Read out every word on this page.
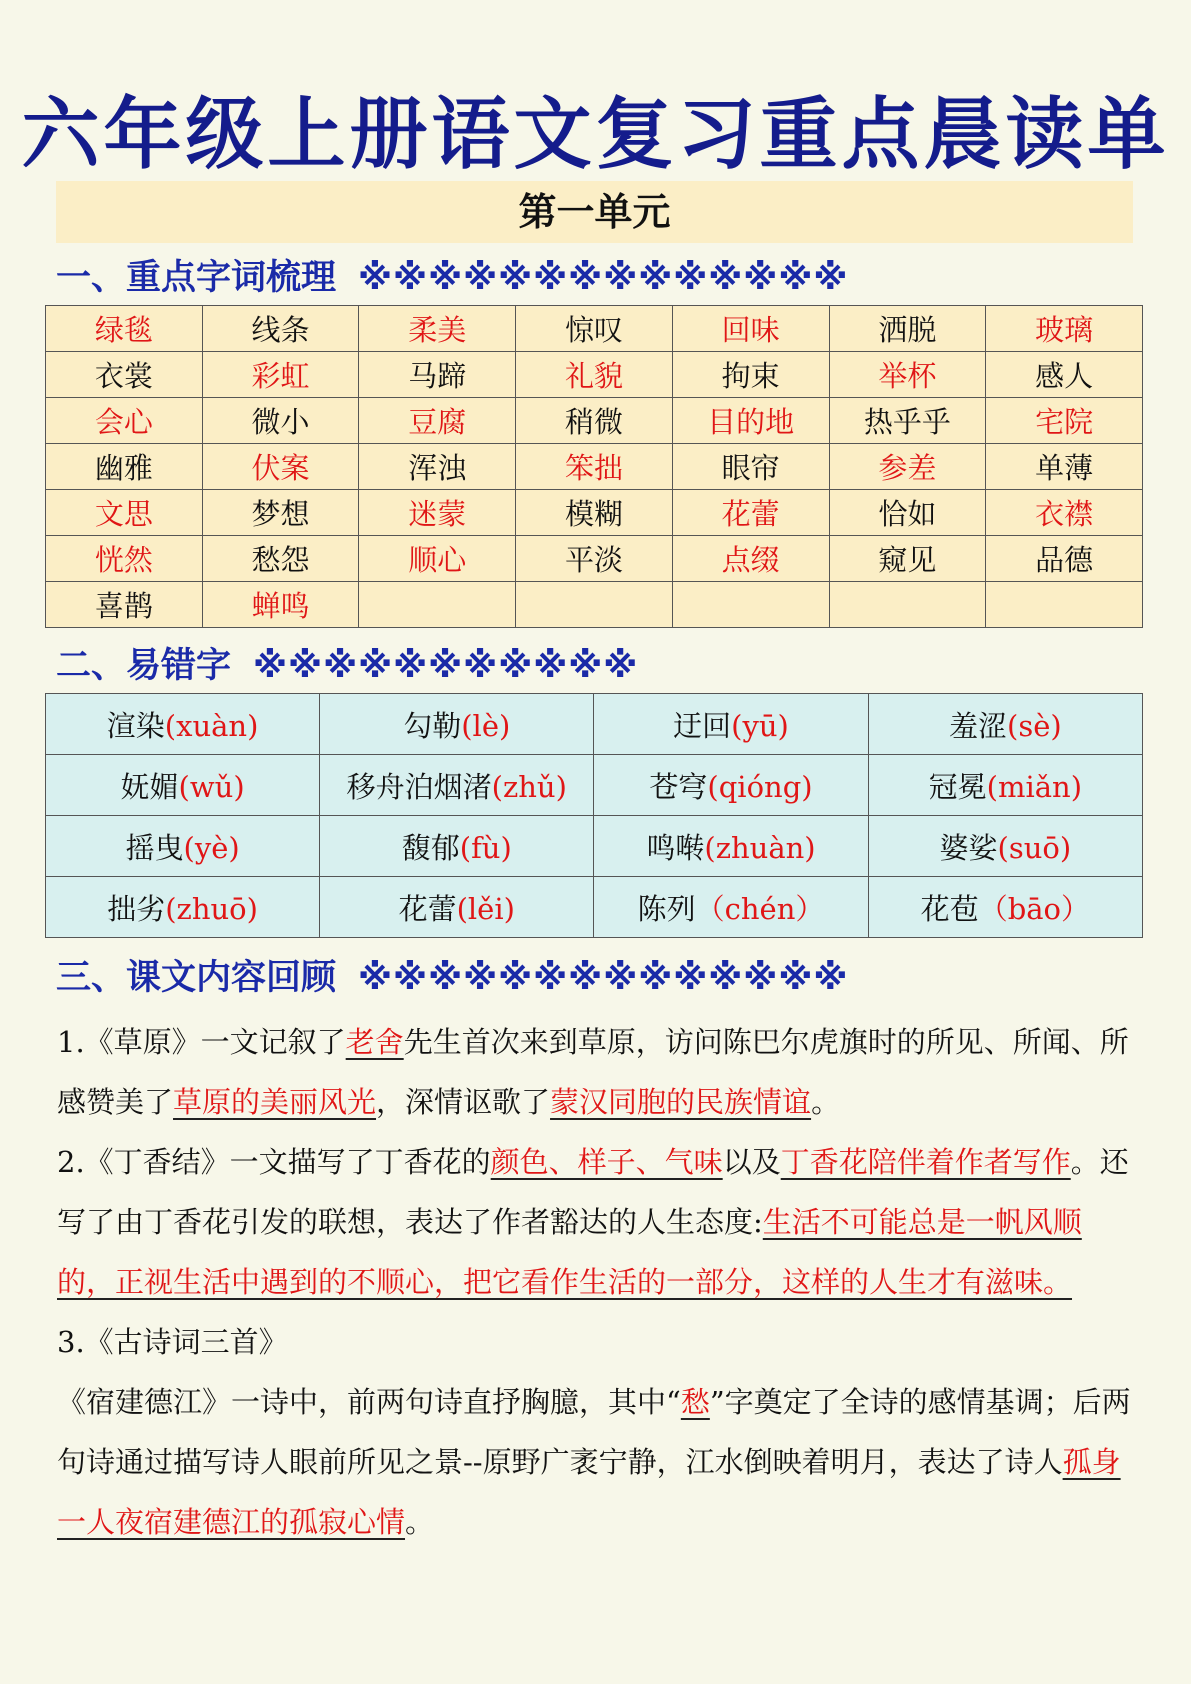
六年级上册语文复习重点晨读单
第一单元
一、重点字词梳理 ※※※※※※※※※※※※※※
绿毯	线条	柔美	惊叹	回味	洒脱	玻璃
衣裳	彩虹	马蹄	礼貌	拘束	举杯	感人
会心	微小	豆腐	稍微	目的地	热乎乎	宅院
幽雅	伏案	浑浊	笨拙	眼帘	参差	单薄
文思	梦想	迷蒙	模糊	花蕾	恰如	衣襟
恍然	愁怨	顺心	平淡	点缀	窥见	品德
喜鹊	蝉鸣					
二、易错字 ※※※※※※※※※※※
渲染(xuàn)	勾勒(lè)	迂回(yū)	羞涩(sè)
妩媚(wǔ)	移舟泊烟渚(zhǔ)	苍穹(qióng)	冠冕(miǎn)
摇曳(yè)	馥郁(fù)	鸣啭(zhuàn)	婆娑(suō)
拙劣(zhuō)	花蕾(lěi)	陈列（chén）	花苞（bāo）
三、课文内容回顾 ※※※※※※※※※※※※※※

1.《草原》一文记叙了老舍先生首次来到草原，访问陈巴尔虎旗时的所见、所闻、所感赞美了草原的美丽风光，深情讴歌了蒙汉同胞的民族情谊。

2.《丁香结》一文描写了丁香花的颜色、样子、气味以及丁香花陪伴着作者写作。还写了由丁香花引发的联想，表达了作者豁达的人生态度:生活不可能总是一帆风顺的，正视生活中遇到的不顺心，把它看作生活的一部分，这样的人生才有滋味。

3.《古诗词三首》

《宿建德江》一诗中，前两句诗直抒胸臆，其中“愁”字奠定了全诗的感情基调；后两句诗通过描写诗人眼前所见之景--原野广袤宁静，江水倒映着明月，表达了诗人孤身一人夜宿建德江的孤寂心情。
